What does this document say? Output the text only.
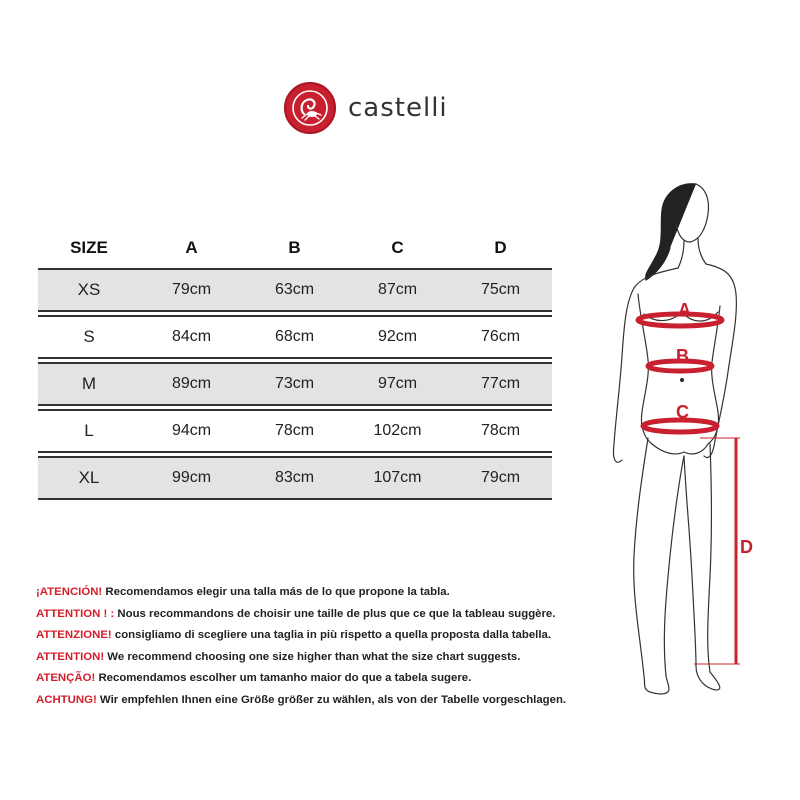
castelli
SIZE	A	B	C	D
XS	79cm	63cm	87cm	75cm

S	84cm	68cm	92cm	76cm

M	89cm	73cm	97cm	77cm

L	94cm	78cm	102cm	78cm

XL	99cm	83cm	107cm	79cm
¡ATENCIÓN! Recomendamos elegir una talla más de lo que propone la tabla.
ATTENTION ! : Nous recommandons de choisir une taille de plus que ce que la tableau suggère.
ATTENZIONE! consigliamo di scegliere una taglia in più rispetto a quella proposta dalla tabella.
ATTENTION! We recommend choosing one size higher than what the size chart suggests.
ATENÇÃO! Recomendamos escolher um tamanho maior do que a tabela sugere.
ACHTUNG! Wir empfehlen Ihnen eine Größe größer zu wählen, als von der Tabelle vorgeschlagen.
A
B
C
D
